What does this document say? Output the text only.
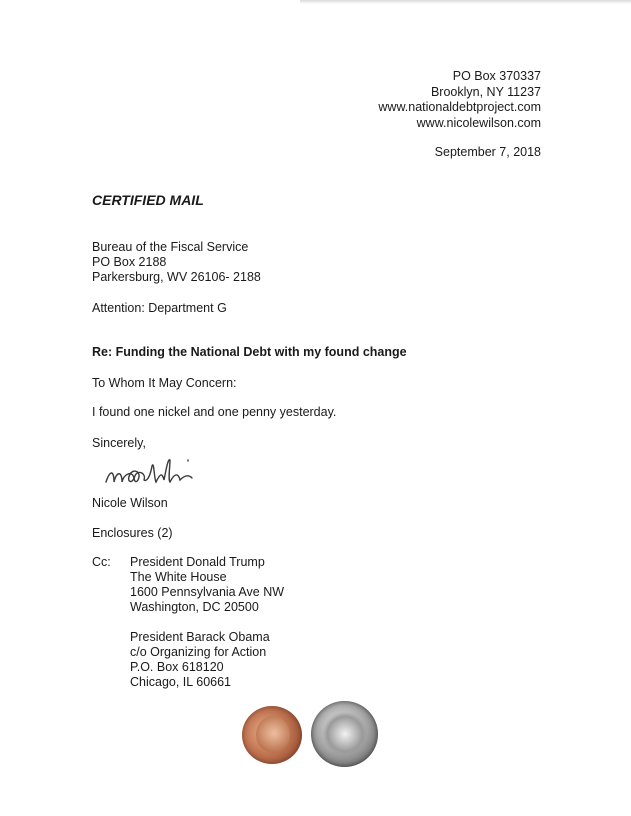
PO Box 370337
Brooklyn, NY 11237
www.nationaldebtproject.com
www.nicolewilson.com
September 7, 2018
CERTIFIED MAIL
Bureau of the Fiscal Service
PO Box 2188
Parkersburg, WV 26106- 2188
Attention: Department G
Re: Funding the National Debt with my found change
To Whom It May Concern:
I found one nickel and one penny yesterday.
Sincerely,
Nicole Wilson
Enclosures (2)
Cc: President Donald Trump
The White House
1600 Pennsylvania Ave NW
Washington, DC 20500
President Barack Obama
c/o Organizing for Action
P.O. Box 618120
Chicago, IL 60661
